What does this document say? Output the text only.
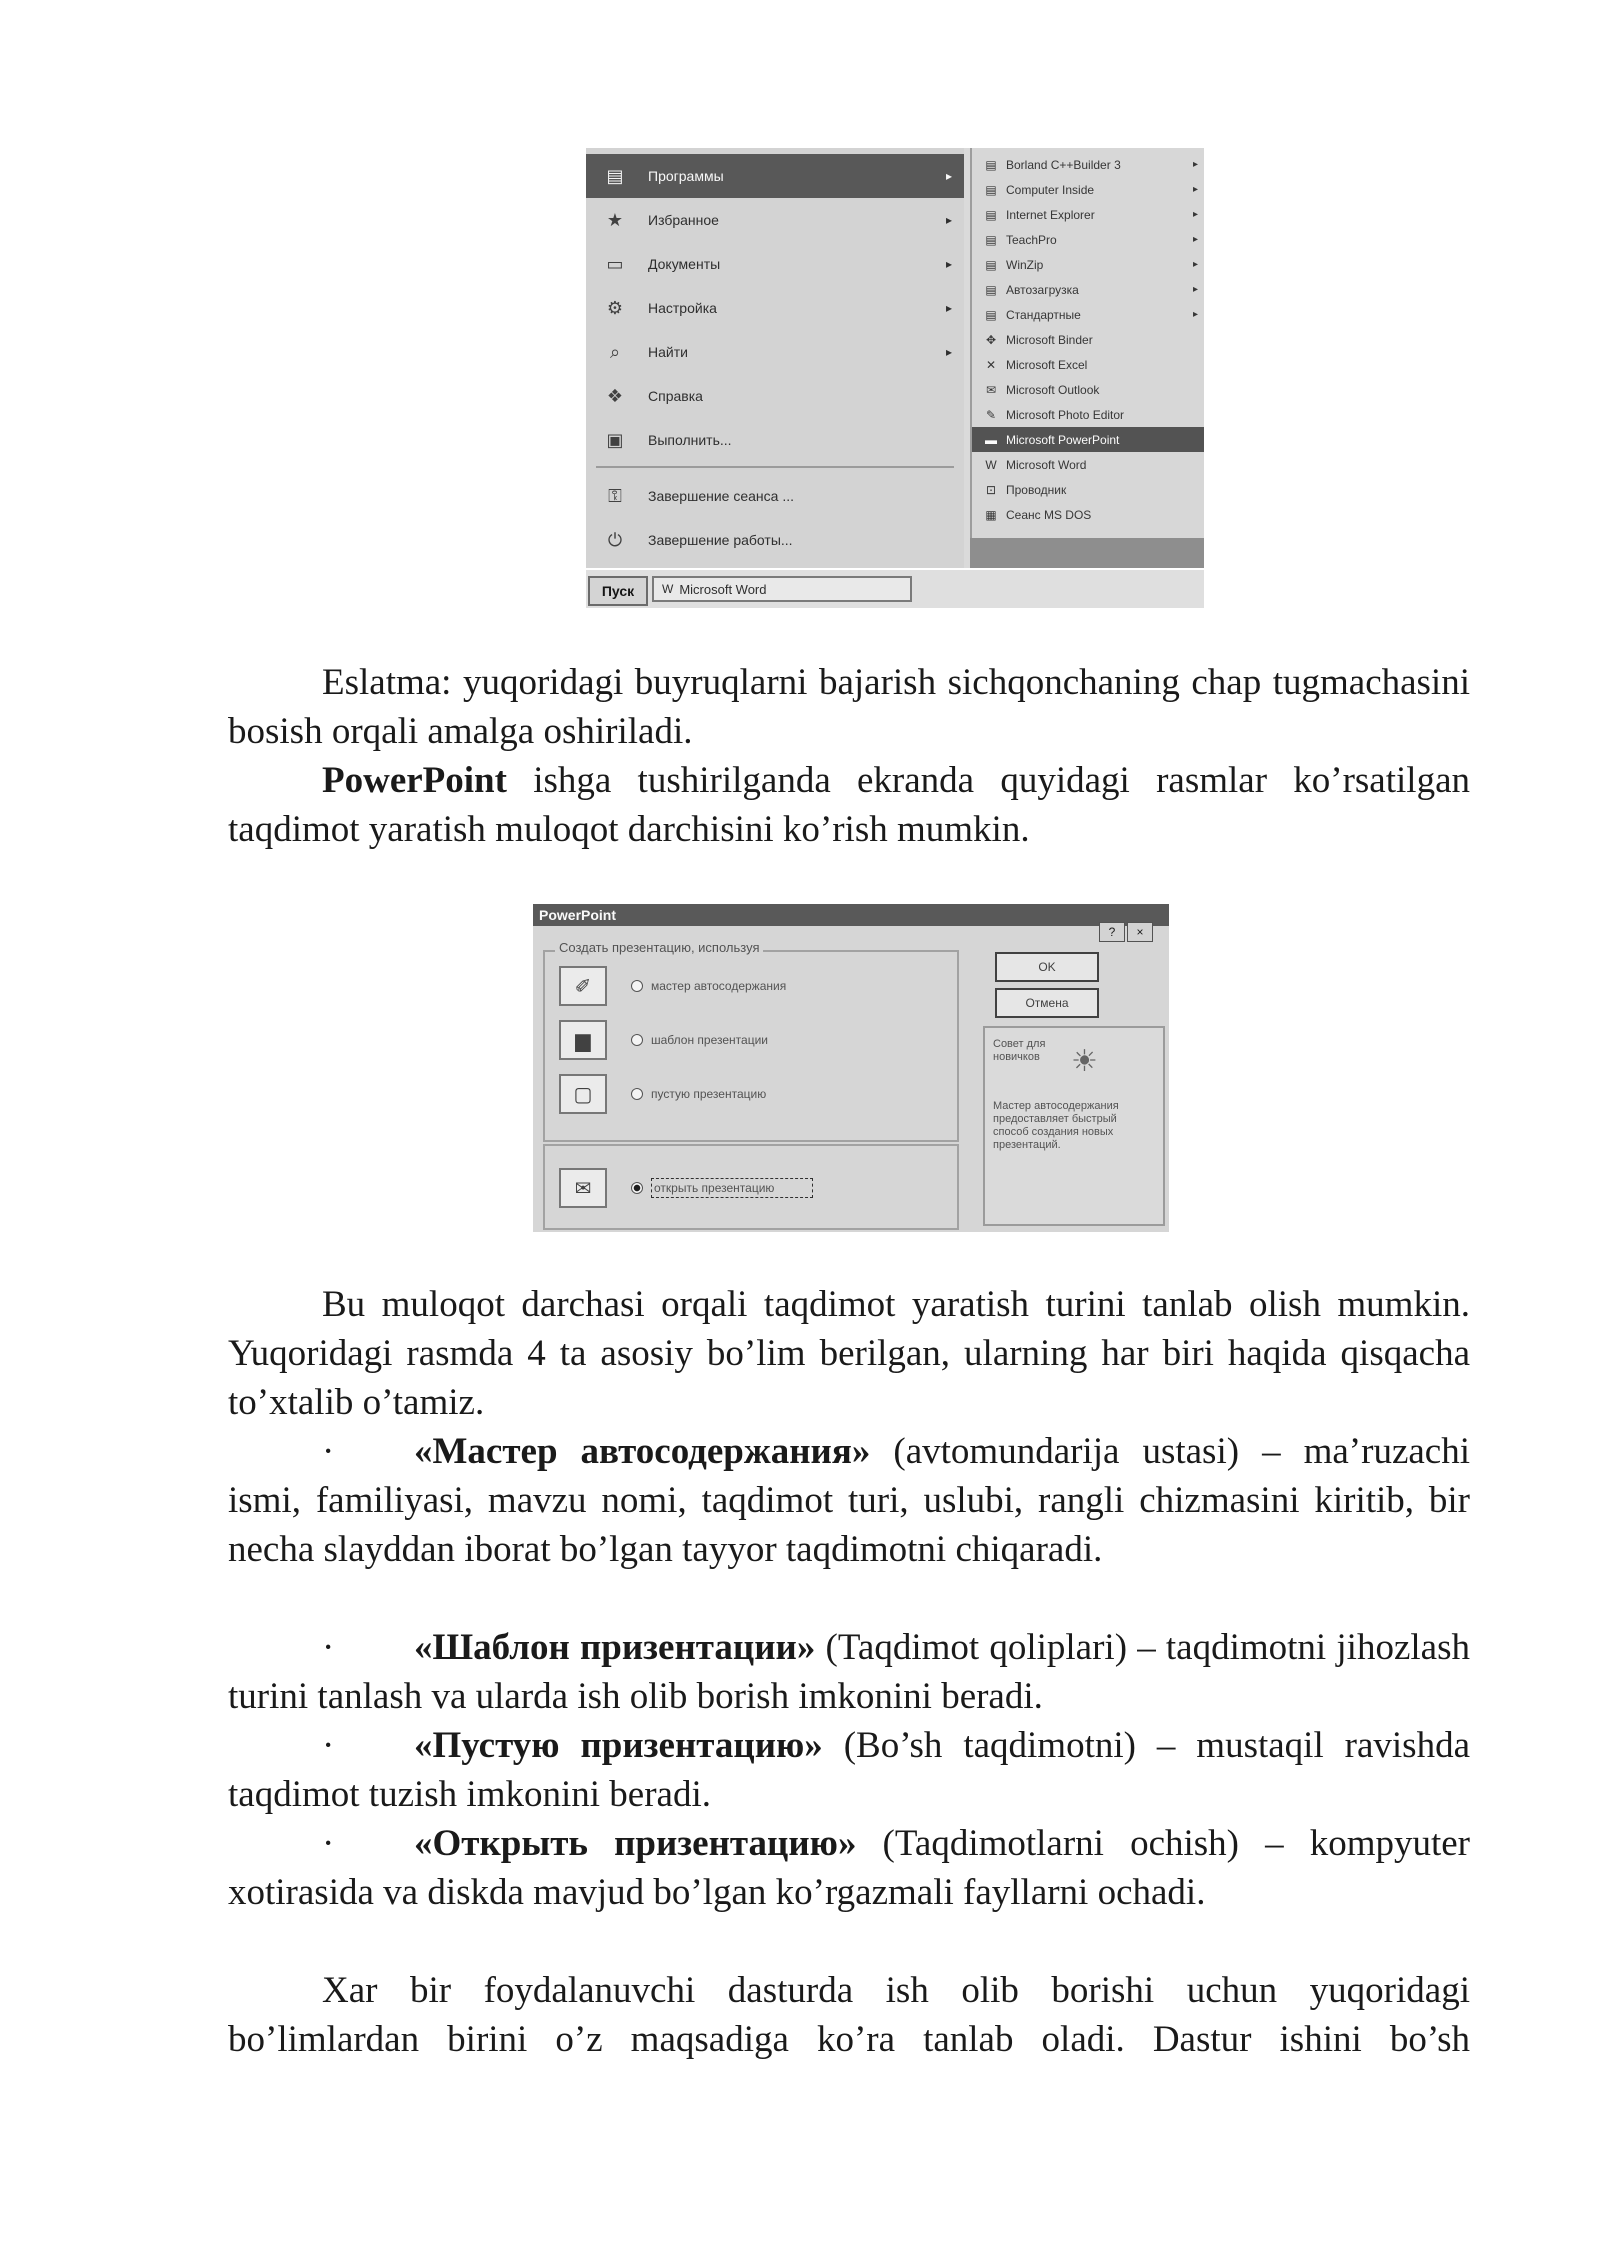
▤	Программы	▸
★	Избранное	▸
▭	Документы	▸
⚙	Настройка	▸
⌕	Найти	▸
❖	Справка
▣	Выполнить...
⚿	Завершение сеанса ...
⏻	Завершение работы...
▤ Borland C++Builder 3	▸
▤ Computer Inside	▸
▤ Internet Explorer	▸
▤ TeachPro	▸
▤ WinZip	▸
▤ Автозагрузка	▸
▤ Стандартные	▸
✥ Microsoft Binder
✕ Microsoft Excel
✉ Microsoft Outlook
✎ Microsoft Photo Editor
▬ Microsoft PowerPoint
W Microsoft Word
⊡ Проводник
▦ Сеанс MS DOS
Пуск	W Microsoft Word

Eslatma: yuqoridagi buyruqlarni bajarish sichqonchaning chap tugmachasini bosish orqali amalga oshiriladi.

PowerPoint ishga tushirilganda ekranda quyidagi rasmlar ko’rsatilgan taqdimot yaratish muloqot darchisini ko’rish mumkin.

PowerPoint
?	×
Создать презентацию, используя
✐	мастер автосодержания
▆	шаблон презентации
▢	пустую презентацию
✉	открыть презентацию
OK
Отмена
Совет для новичков	☀
Мастер автосодержания предоставляет быстрый способ создания новых презентаций.

Bu muloqot darchasi orqali taqdimot yaratish turini tanlab olish mumkin. Yuqoridagi rasmda 4 ta asosiy bo’lim berilgan, ularning har biri haqida qisqacha to’xtalib o’tamiz.

· «Мастер автосодержания» (avtomundarija ustasi) – ma’ruzachi ismi, familiyasi, mavzu nomi, taqdimot turi, uslubi, rangli chizmasini kiritib, bir necha slayddan iborat bo’lgan tayyor taqdimotni chiqaradi.

· «Шаблон призентации» (Taqdimot qoliplari) – taqdimotni jihozlash turini tanlash va ularda ish olib borish imkonini beradi.

· «Пустую призентацию» (Bo’sh taqdimotni) – mustaqil ravishda taqdimot tuzish imkonini beradi.

· «Открыть призентацию» (Taqdimotlarni ochish) – kompyuter xotirasida va diskda mavjud bo’lgan ko’rgazmali fayllarni ochadi.

Xar bir foydalanuvchi dasturda ish olib borishi uchun yuqoridagi bo’limlardan birini o’z maqsadiga ko’ra tanlab oladi. Dastur ishini bo’sh
